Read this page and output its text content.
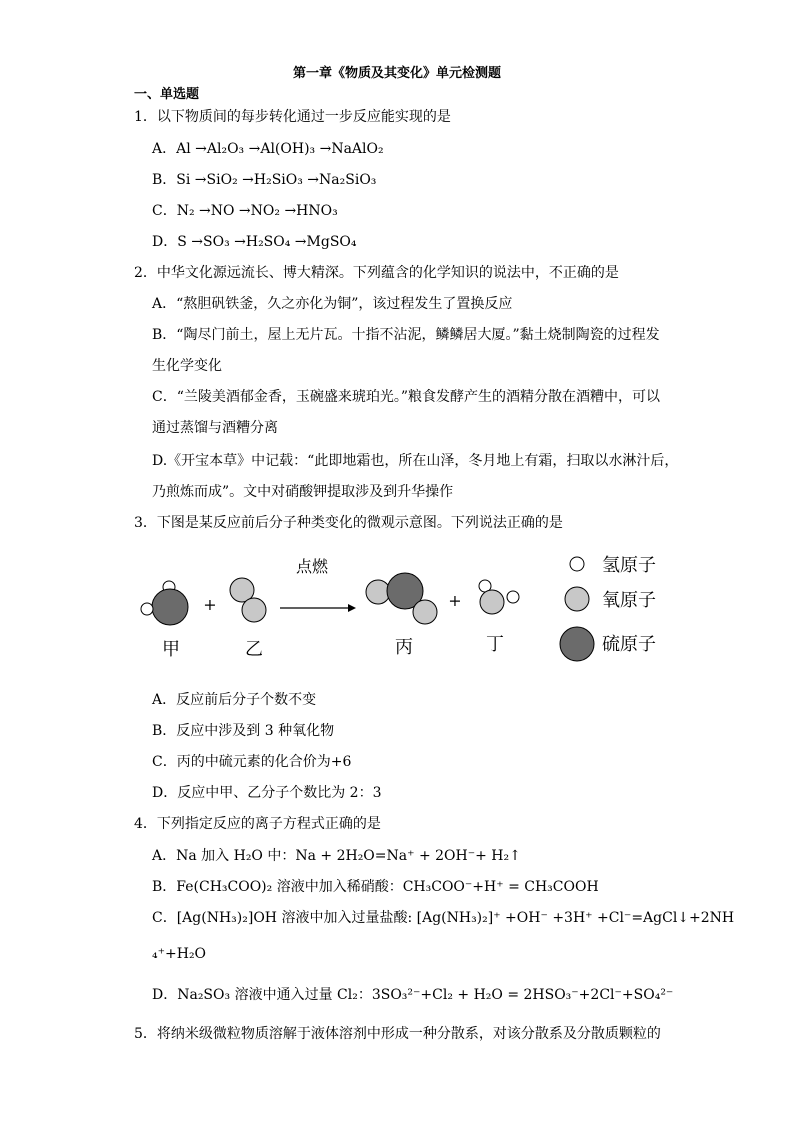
第一章《物质及其变化》单元检测题
一、单选题
1．以下物质间的每步转化通过一步反应能实现的是
A．Al →Al₂O₃ →Al(OH)₃ →NaAlO₂
B．Si →SiO₂ →H₂SiO₃ →Na₂SiO₃
C．N₂ →NO →NO₂ →HNO₃
D．S →SO₃ →H₂SO₄ →MgSO₄
2．中华文化源远流长、博大精深。下列蕴含的化学知识的说法中，不正确的是
A．“熬胆矾铁釜，久之亦化为铜”，该过程发生了置换反应
B．“陶尽门前土，屋上无片瓦。十指不沾泥，鳞鳞居大厦。”黏土烧制陶瓷的过程发
生化学变化
C．“兰陵美酒郁金香，玉碗盛来琥珀光。”粮食发酵产生的酒精分散在酒糟中，可以
通过蒸馏与酒糟分离
D.《开宝本草》中记载：“此即地霜也，所在山泽，冬月地上有霜，扫取以水淋汁后，
乃煎炼而成”。文中对硝酸钾提取涉及到升华操作
3．下图是某反应前后分子种类变化的微观示意图。下列说法正确的是
+
点燃
+
甲	乙	丙	丁
氢原子
氧原子
硫原子
A．反应前后分子个数不变
B．反应中涉及到 3 种氧化物
C．丙的中硫元素的化合价为+6
D．反应中甲、乙分子个数比为 2：3
4．下列指定反应的离子方程式正确的是
A．Na 加入 H₂O 中：Na + 2H₂O=Na⁺ + 2OH⁻+ H₂↑
B．Fe(CH₃COO)₂ 溶液中加入稀硝酸：CH₃COO⁻+H⁺ = CH₃COOH
C．[Ag(NH₃)₂]OH 溶液中加入过量盐酸: [Ag(NH₃)₂]⁺ +OH⁻ +3H⁺ +Cl⁻=AgCl↓+2NH
₄⁺+H₂O
D．Na₂SO₃ 溶液中通入过量 Cl₂：3SO₃²⁻+Cl₂ + H₂O = 2HSO₃⁻+2Cl⁻+SO₄²⁻
5．将纳米级微粒物质溶解于液体溶剂中形成一种分散系，对该分散系及分散质颗粒的
